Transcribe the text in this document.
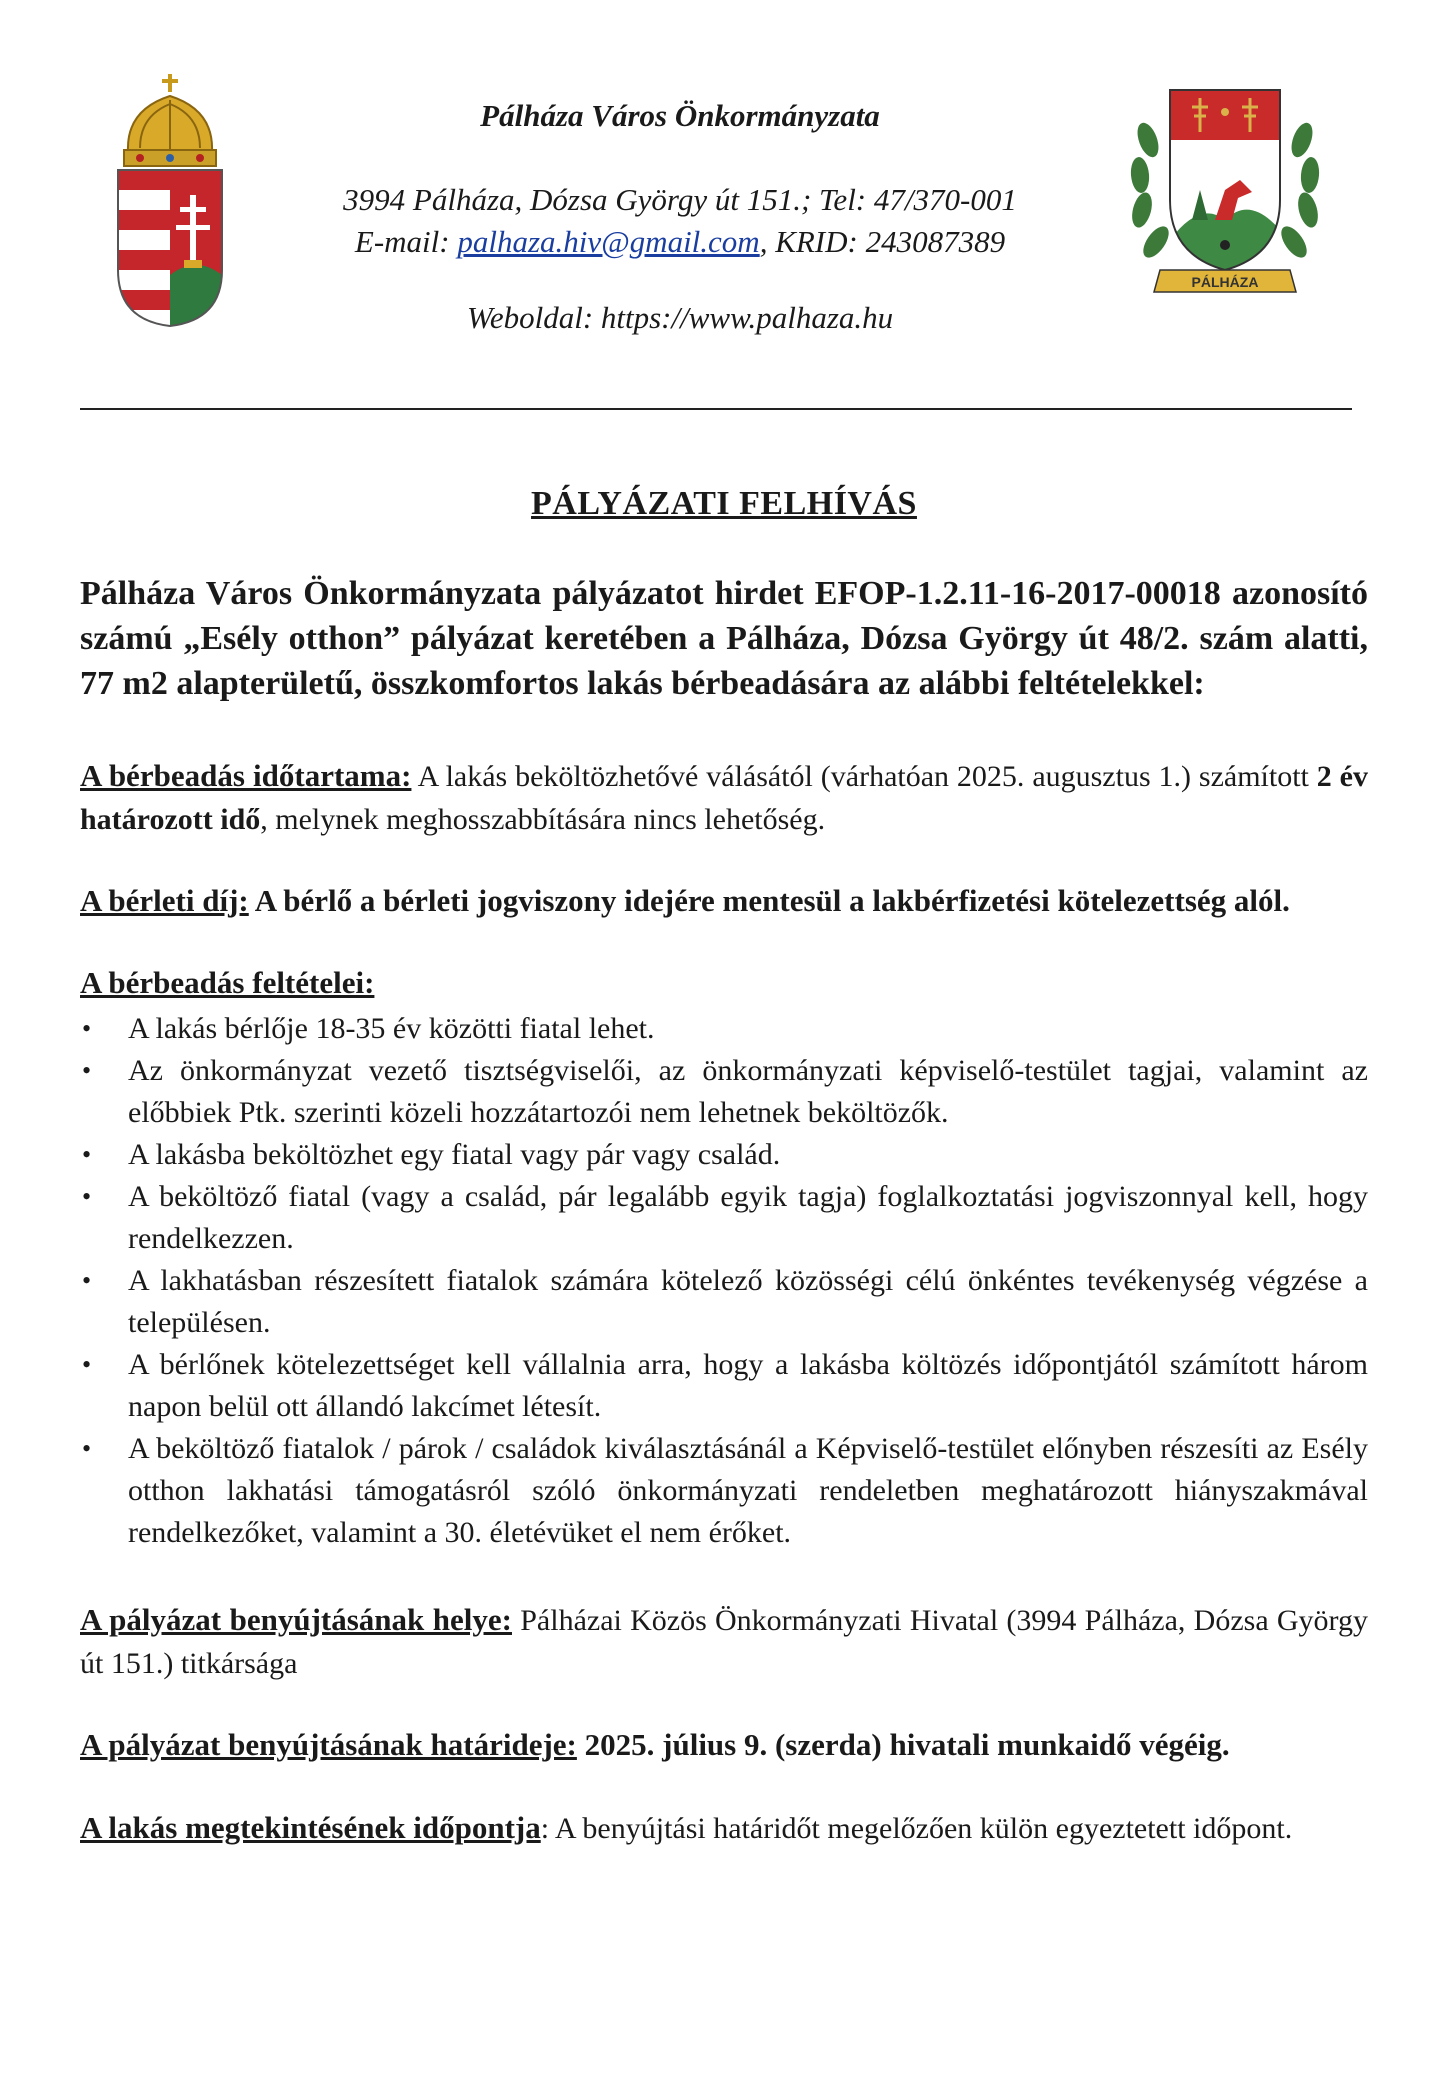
Pálháza Város Önkormányzata
3994 Pálháza, Dózsa György út 151.; Tel: 47/370-001
E-mail: palhaza.hiv@gmail.com, KRID: 243087389
Weboldal: https://www.palhaza.hu
PÁLHÁZA
PÁLYÁZATI FELHÍVÁS

Pálháza Város Önkormányzata pályázatot hirdet EFOP-1.2.11-16-2017-00018 azonosító számú „Esély otthon” pályázat keretében a Pálháza, Dózsa György út 48/2. szám alatti, 77 m2 alapterületű, összkomfortos lakás bérbeadására az alábbi feltételekkel:

A bérbeadás időtartama: A lakás beköltözhetővé válásától (várhatóan 2025. augusztus 1.) számított 2 év határozott idő, melynek meghosszabbítására nincs lehetőség.

A bérleti díj: A bérlő a bérleti jogviszony idejére mentesül a lakbérfizetési kötelezettség alól.

A bérbeadás feltételei:
• A lakás bérlője 18-35 év közötti fiatal lehet.
• Az önkormányzat vezető tisztségviselői, az önkormányzati képviselő-testület tagjai, valamint az előbbiek Ptk. szerinti közeli hozzátartozói nem lehetnek beköltözők.
• A lakásba beköltözhet egy fiatal vagy pár vagy család.
• A beköltöző fiatal (vagy a család, pár legalább egyik tagja) foglalkoztatási jogviszonnyal kell, hogy rendelkezzen.
• A lakhatásban részesített fiatalok számára kötelező közösségi célú önkéntes tevékenység végzése a településen.
• A bérlőnek kötelezettséget kell vállalnia arra, hogy a lakásba költözés időpontjától számított három napon belül ott állandó lakcímet létesít.
• A beköltöző fiatalok / párok / családok kiválasztásánál a Képviselő-testület előnyben részesíti az Esély otthon lakhatási támogatásról szóló önkormányzati rendeletben meghatározott hiányszakmával rendelkezőket, valamint a 30. életévüket el nem érőket.

A pályázat benyújtásának helye: Pálházai Közös Önkormányzati Hivatal (3994 Pálháza, Dózsa György út 151.) titkársága

A pályázat benyújtásának határideje: 2025. július 9. (szerda) hivatali munkaidő végéig.

A lakás megtekintésének időpontja: A benyújtási határidőt megelőzően külön egyeztetett időpont.
